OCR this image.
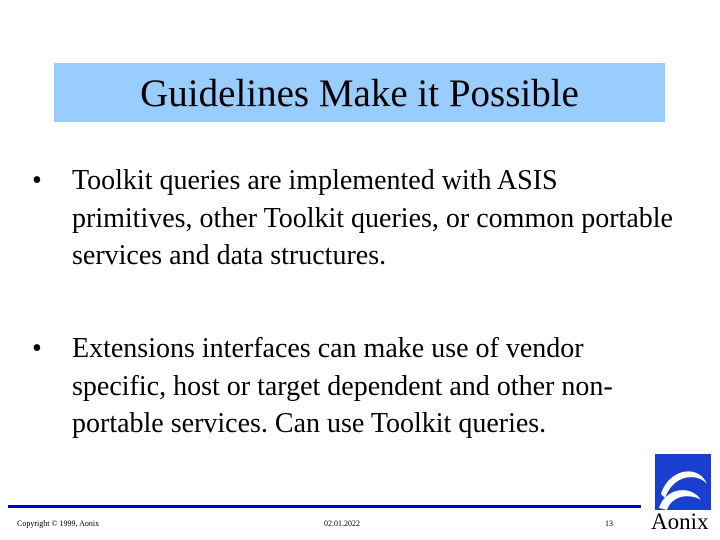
Guidelines Make it Possible
•	Toolkit queries are implemented with ASIS primitives, other Toolkit queries, or common portable services and data structures.
•	Extensions interfaces can make use of vendor specific, host or target dependent and other non-portable services. Can use Toolkit queries.
Copyright © 1999, Aonix	02.01.2022	13 Aonix
